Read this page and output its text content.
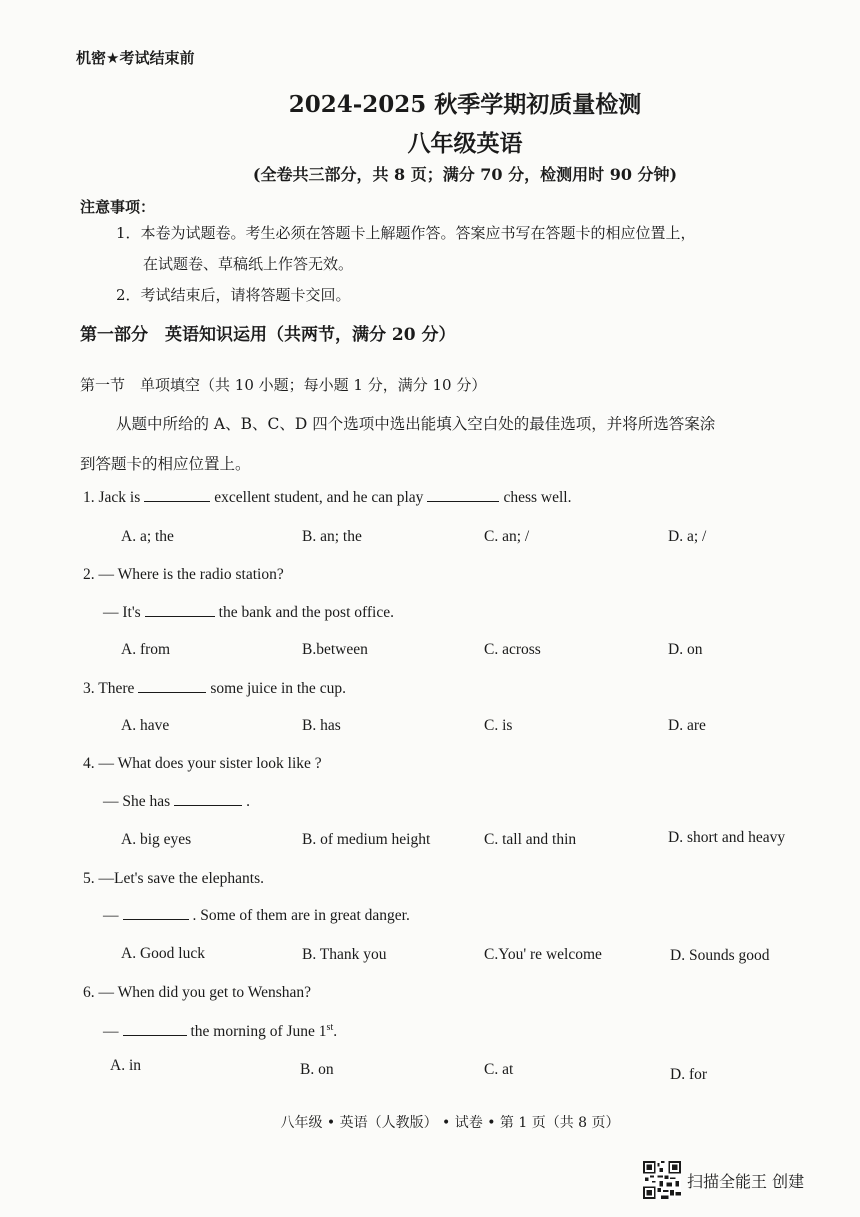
机密★考试结束前
2024-2025 秋季学期初质量检测
八年级英语
(全卷共三部分，共 8 页；满分 70 分，检测用时 90 分钟)
注意事项：
1．本卷为试题卷。考生必须在答题卡上解题作答。答案应书写在答题卡的相应位置上，
在试题卷、草稿纸上作答无效。
2．考试结束后，请将答题卡交回。
第一部分　英语知识运用（共两节，满分 20 分）
第一节　单项填空（共 10 小题；每小题 1 分，满分 10 分）
从题中所给的 A、B、C、D 四个选项中选出能填入空白处的最佳选项，并将所选答案涂
到答题卡的相应位置上。
1. Jack is	excellent student, and he can play	chess well.
A. a; the	B. an; the	C. an; /	D. a; /
2. — Where is the radio station?
— It's	the bank and the post office.
A. from	B.between	C. across	D. on
3. There	some juice in the cup.
A. have	B. has	C. is	D. are
4. — What does your sister look like ?
— She has	.
A. big eyes	B. of medium height	C. tall and thin	D. short and heavy
5. —Let's save the elephants.
—	. Some of them are in great danger.
A. Good luck	B. Thank you	C.You' re welcome	D. Sounds good
6. — When did you get to Wenshan?
—	the morning of June 1st.
A. in	B. on	C. at	D. for
八年级 • 英语（人教版） • 试卷 • 第 1 页（共 8 页）
扫描全能王 创建
